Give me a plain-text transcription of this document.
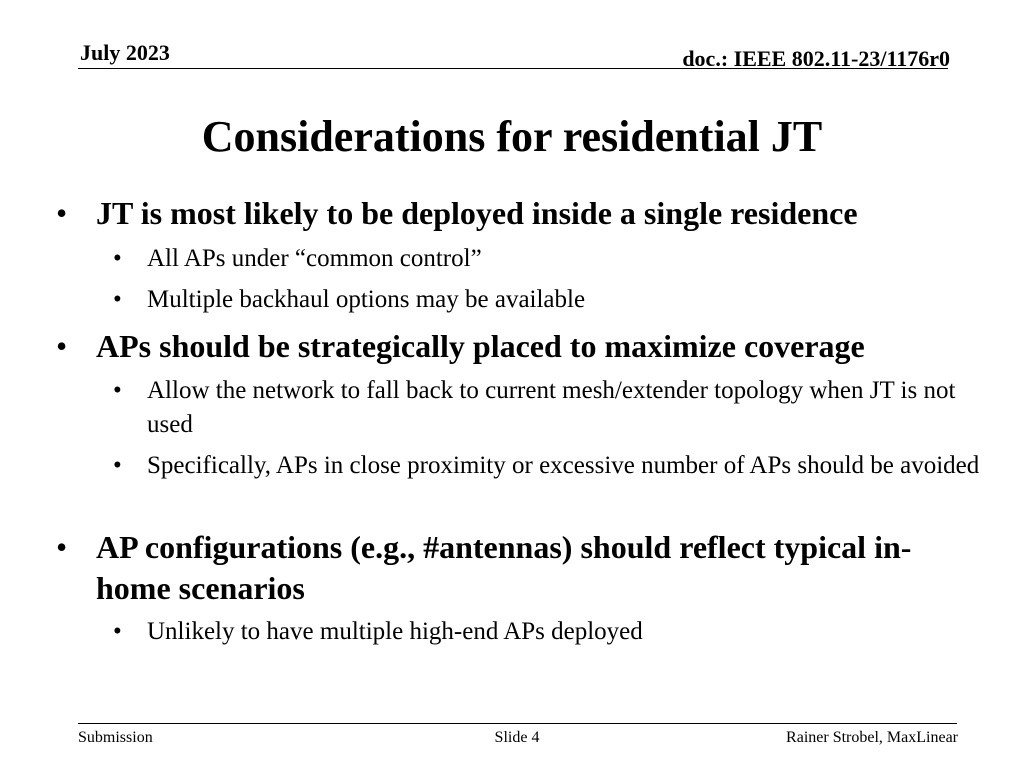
July 2023	doc.: IEEE 802.11-23/1176r0
Considerations for residential JT
• JT is most likely to be deployed inside a single residence
• All APs under “common control”
• Multiple backhaul options may be available
• APs should be strategically placed to maximize coverage
• Allow the network to fall back to current mesh/extender topology when JT is not used
• Specifically, APs in close proximity or excessive number of APs should be avoided
• AP configurations (e.g., #antennas) should reflect typical in-home scenarios
• Unlikely to have multiple high-end APs deployed
Submission	Slide 4	Rainer Strobel, MaxLinear
